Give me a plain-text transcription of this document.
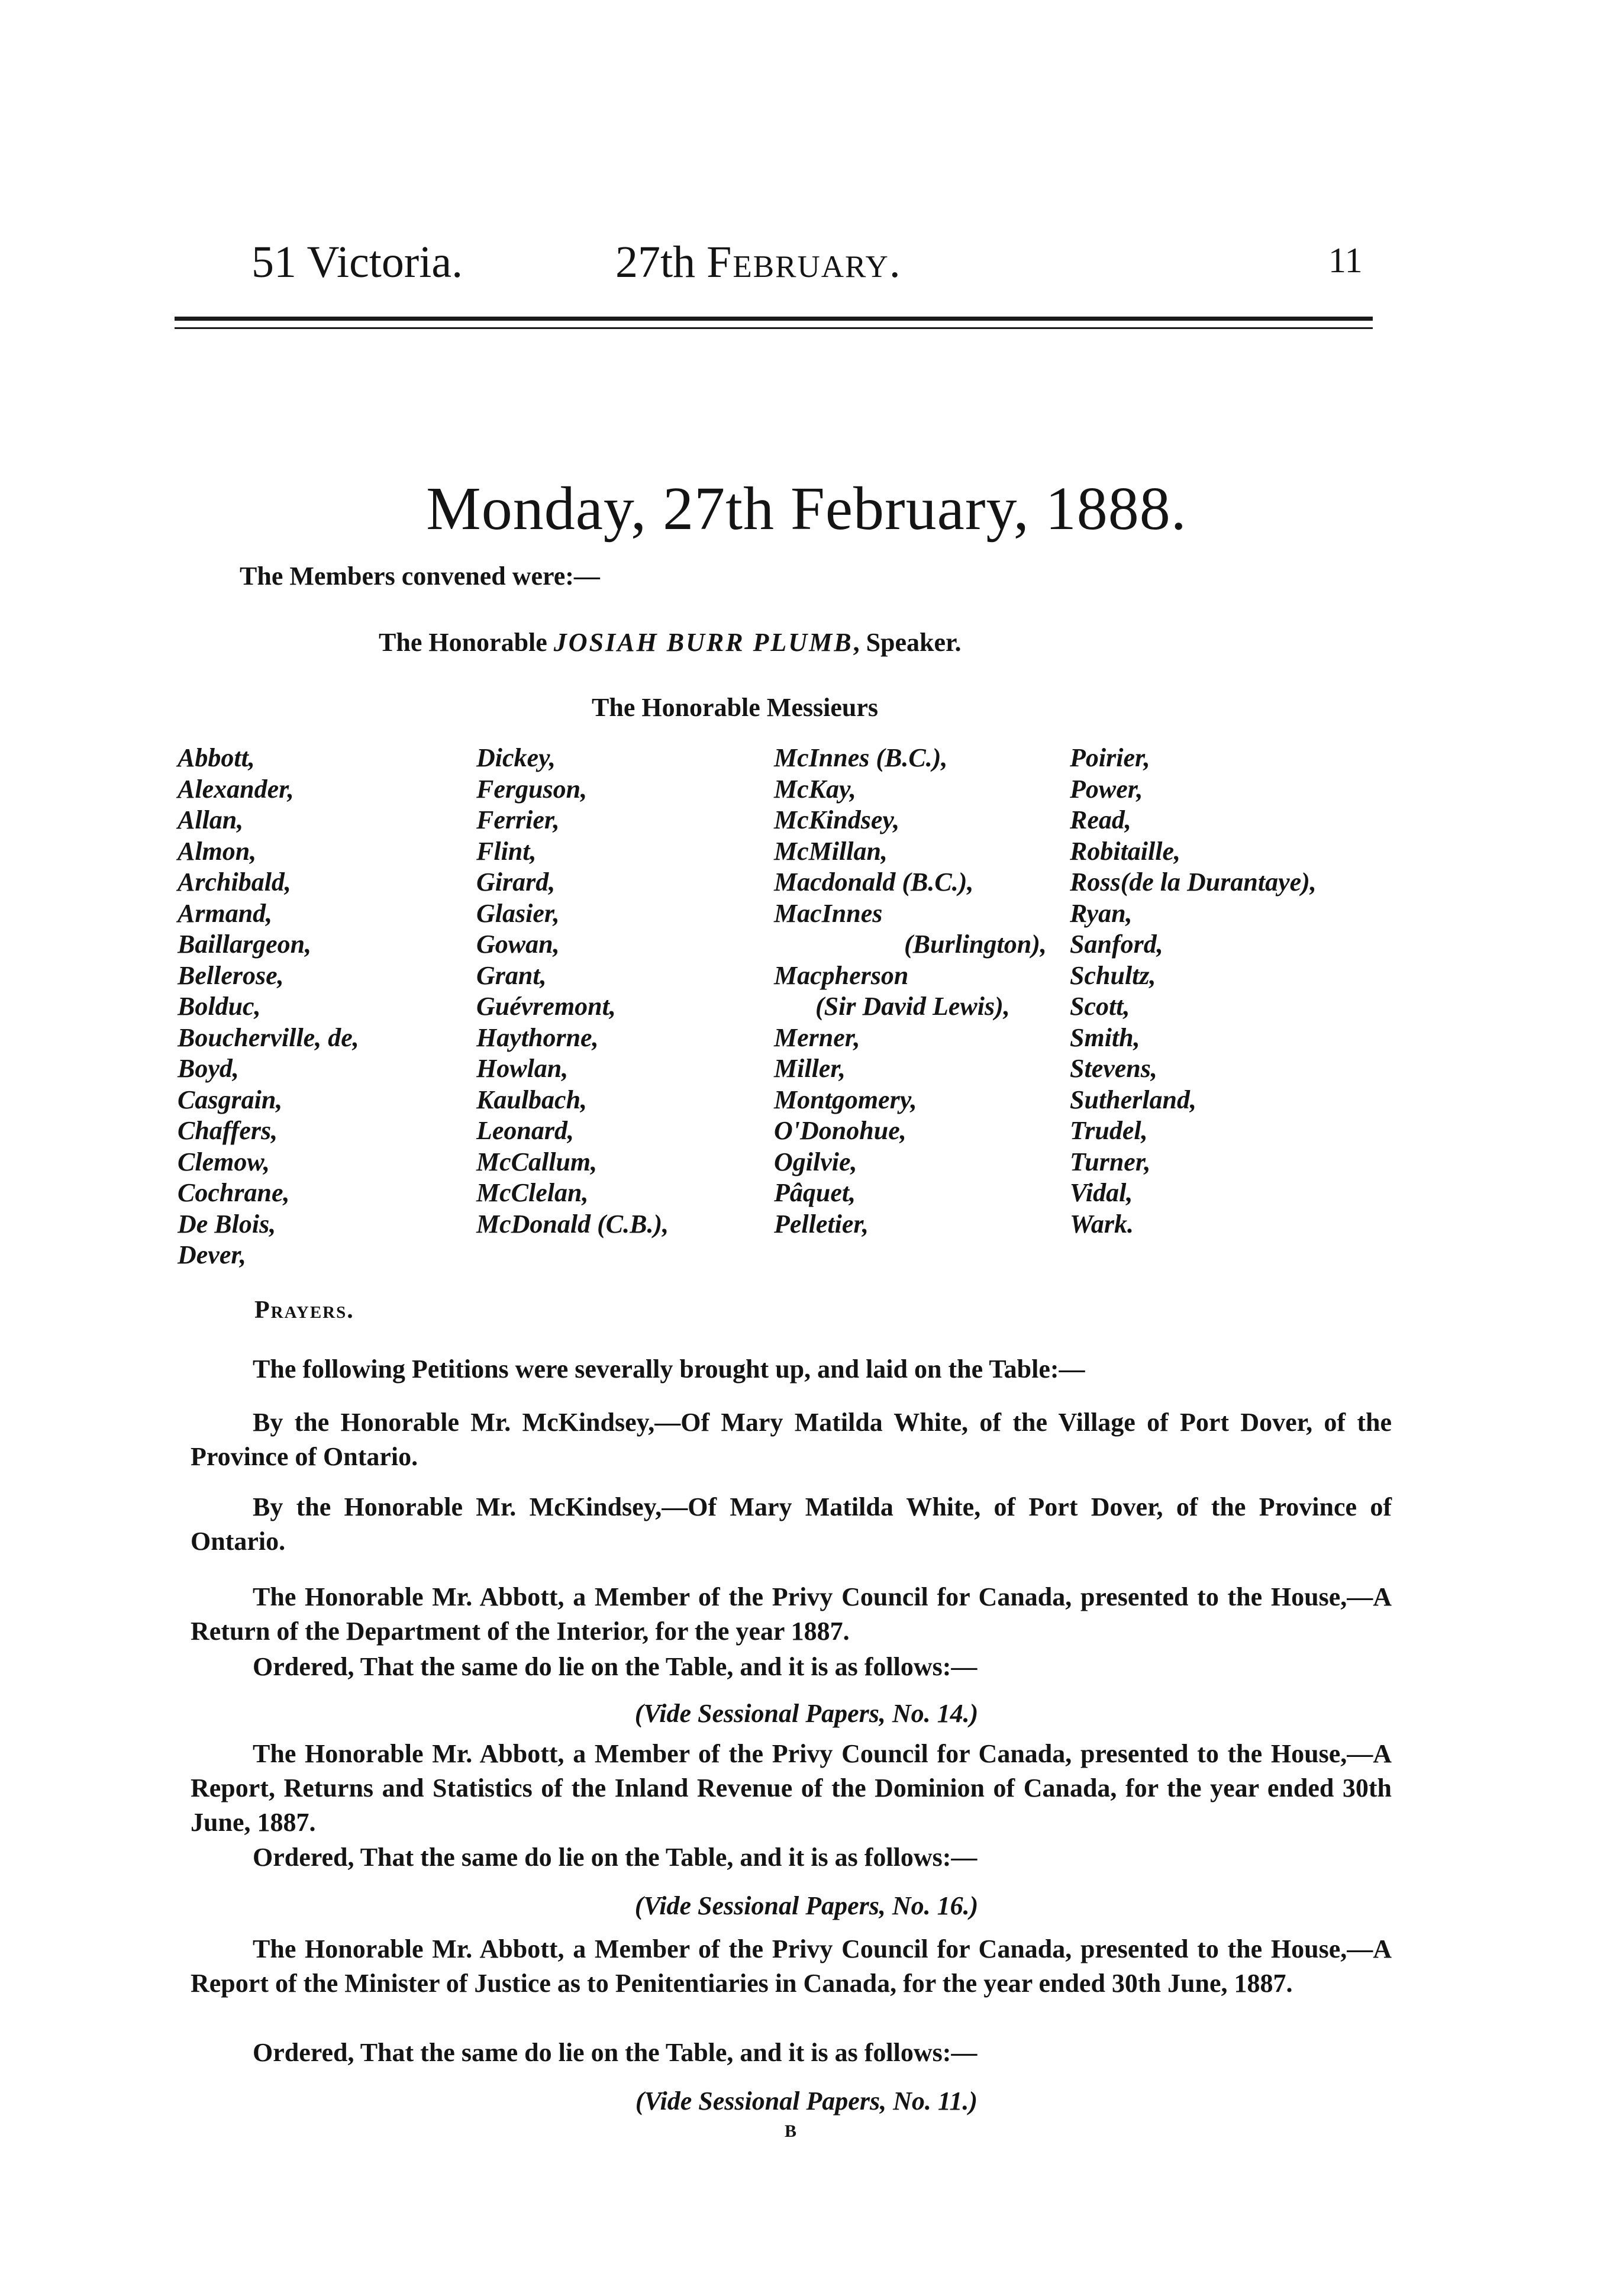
51 Victoria.	27th February.	11
Monday, 27th February, 1888.
The Members convened were:—
The Honorable JOSIAH BURR PLUMB, Speaker.
The Honorable Messieurs
Abbott,
Alexander,
Allan,
Almon,
Archibald,
Armand,
Baillargeon,
Bellerose,
Bolduc,
Boucherville, de,
Boyd,
Casgrain,
Chaffers,
Clemow,
Cochrane,
De Blois,
Dever,
Dickey,
Ferguson,
Ferrier,
Flint,
Girard,
Glasier,
Gowan,
Grant,
Guévremont,
Haythorne,
Howlan,
Kaulbach,
Leonard,
McCallum,
McClelan,
McDonald (C.B.),
McInnes (B.C.),
McKay,
McKindsey,
McMillan,
Macdonald (B.C.),
MacInnes
(Burlington),
Macpherson
(Sir David Lewis),
Merner,
Miller,
Montgomery,
O'Donohue,
Ogilvie,
Pâquet,
Pelletier,
Poirier,
Power,
Read,
Robitaille,
Ross(de la Durantaye),
Ryan,
Sanford,
Schultz,
Scott,
Smith,
Stevens,
Sutherland,
Trudel,
Turner,
Vidal,
Wark.
Prayers.
The following Petitions were severally brought up, and laid on the Table:—
By the Honorable Mr. McKindsey,—Of Mary Matilda White, of the Village of Port Dover, of the Province of Ontario.
By the Honorable Mr. McKindsey,—Of Mary Matilda White, of Port Dover, of the Province of Ontario.
The Honorable Mr. Abbott, a Member of the Privy Council for Canada, presented to the House,—A Return of the Department of the Interior, for the year 1887.
Ordered, That the same do lie on the Table, and it is as follows:—
(Vide Sessional Papers, No. 14.)
The Honorable Mr. Abbott, a Member of the Privy Council for Canada, presented to the House,—A Report, Returns and Statistics of the Inland Revenue of the Dominion of Canada, for the year ended 30th June, 1887.
Ordered, That the same do lie on the Table, and it is as follows:—
(Vide Sessional Papers, No. 16.)
The Honorable Mr. Abbott, a Member of the Privy Council for Canada, presented to the House,—A Report of the Minister of Justice as to Penitentiaries in Canada, for the year ended 30th June, 1887.
Ordered, That the same do lie on the Table, and it is as follows:—
(Vide Sessional Papers, No. 11.)
B
